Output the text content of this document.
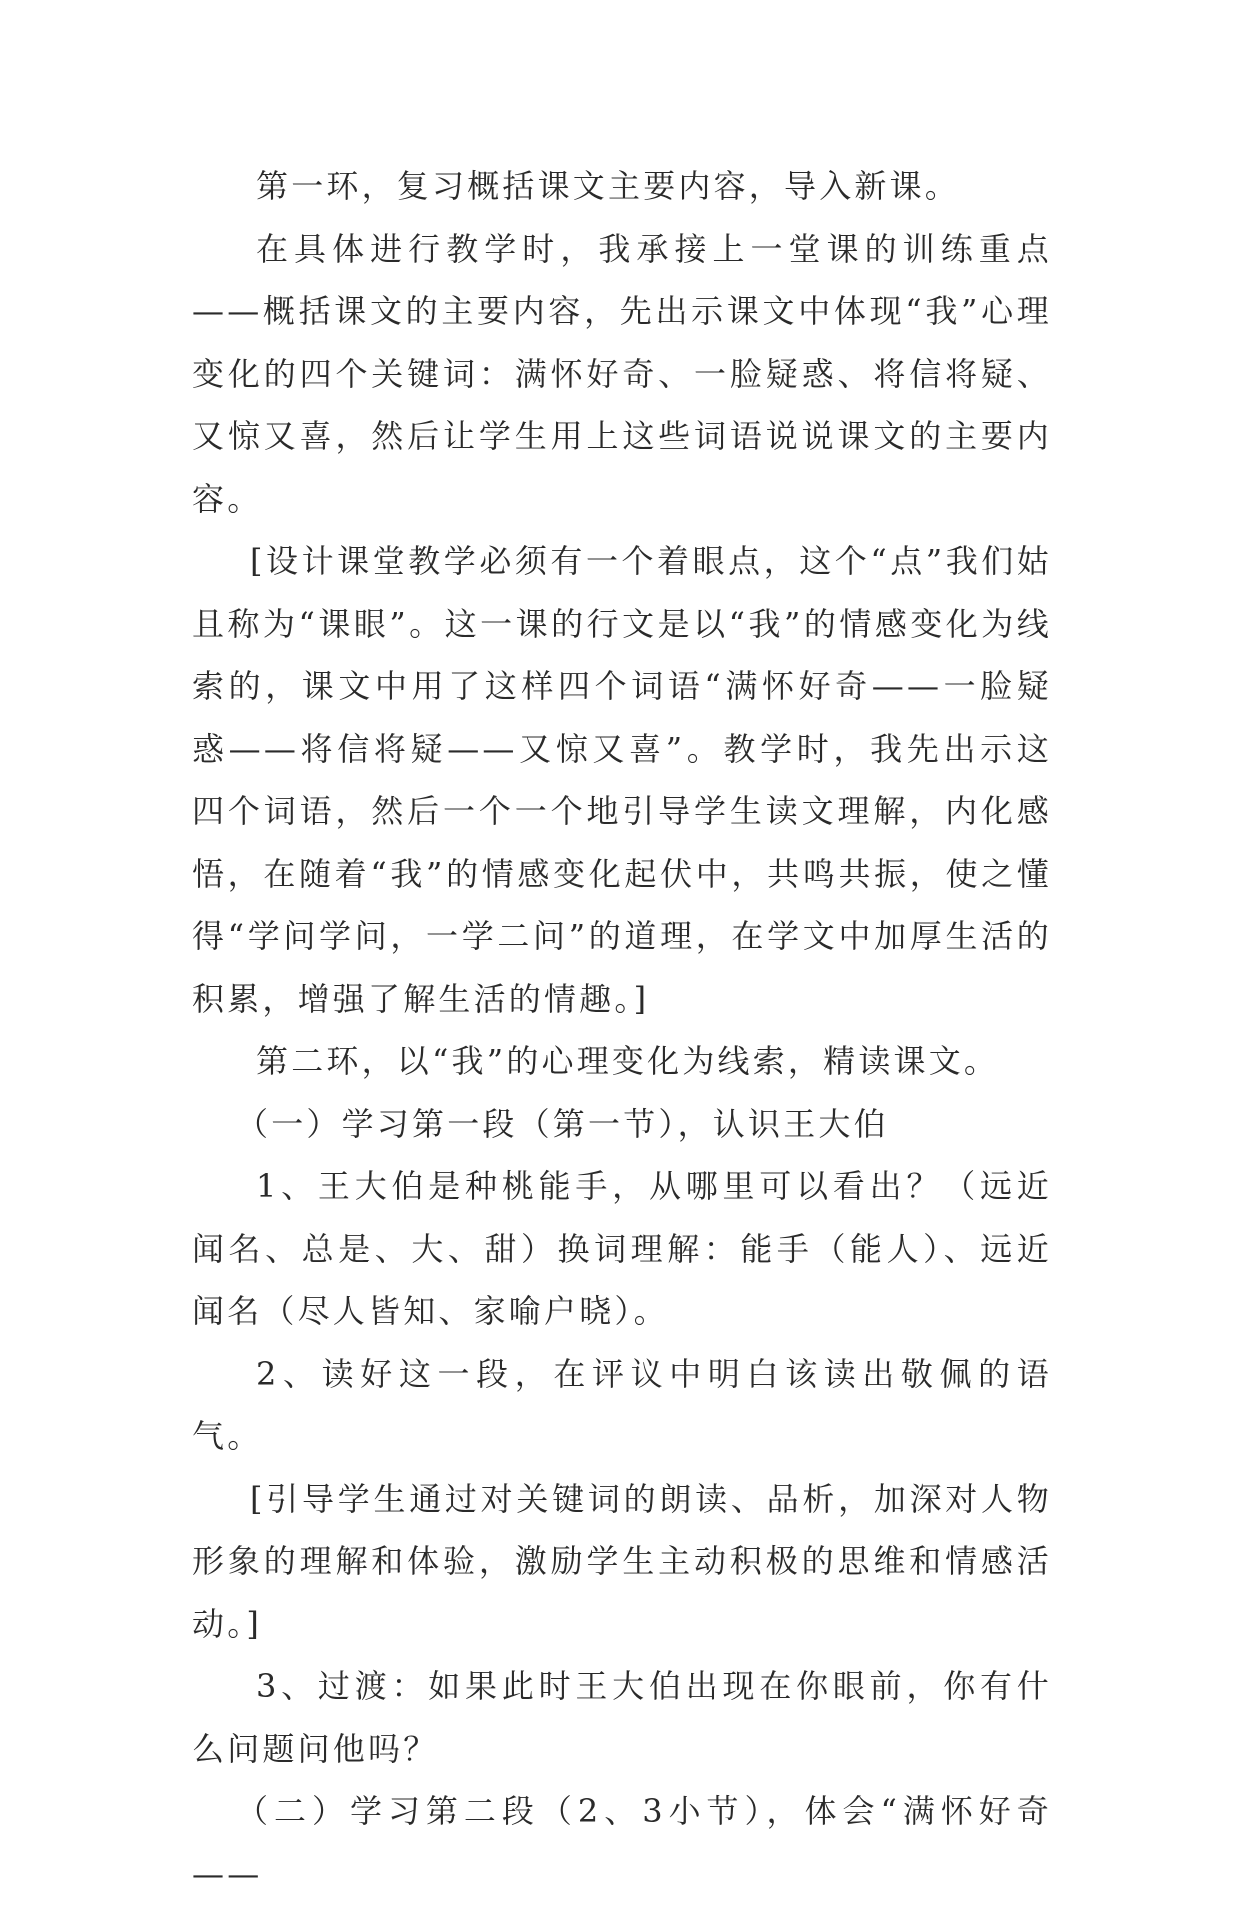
第一环，复习概括课文主要内容，导入新课。

在具体进行教学时，我承接上一堂课的训练重点——概括课文的主要内容，先出示课文中体现“我”心理变化的四个关键词：满怀好奇、一脸疑惑、将信将疑、又惊又喜，然后让学生用上这些词语说说课文的主要内容。

[设计课堂教学必须有一个着眼点，这个“点”我们姑且称为“课眼”。这一课的行文是以“我”的情感变化为线索的，课文中用了这样四个词语“满怀好奇——一脸疑惑——将信将疑——又惊又喜”。教学时，我先出示这四个词语，然后一个一个地引导学生读文理解，内化感悟，在随着“我”的情感变化起伏中，共鸣共振，使之懂得“学问学问，一学二问”的道理，在学文中加厚生活的积累，增强了解生活的情趣。]

第二环，以“我”的心理变化为线索，精读课文。

（一）学习第一段（第一节），认识王大伯

1、王大伯是种桃能手，从哪里可以看出？（远近闻名、总是、大、甜）换词理解：能手（能人）、远近闻名（尽人皆知、家喻户晓）。

2、读好这一段，在评议中明白该读出敬佩的语气。

[引导学生通过对关键词的朗读、品析，加深对人物形象的理解和体验，激励学生主动积极的思维和情感活动。]

3、过渡：如果此时王大伯出现在你眼前，你有什么问题问他吗？

（二）学习第二段（2、3小节），体会“满怀好奇——
